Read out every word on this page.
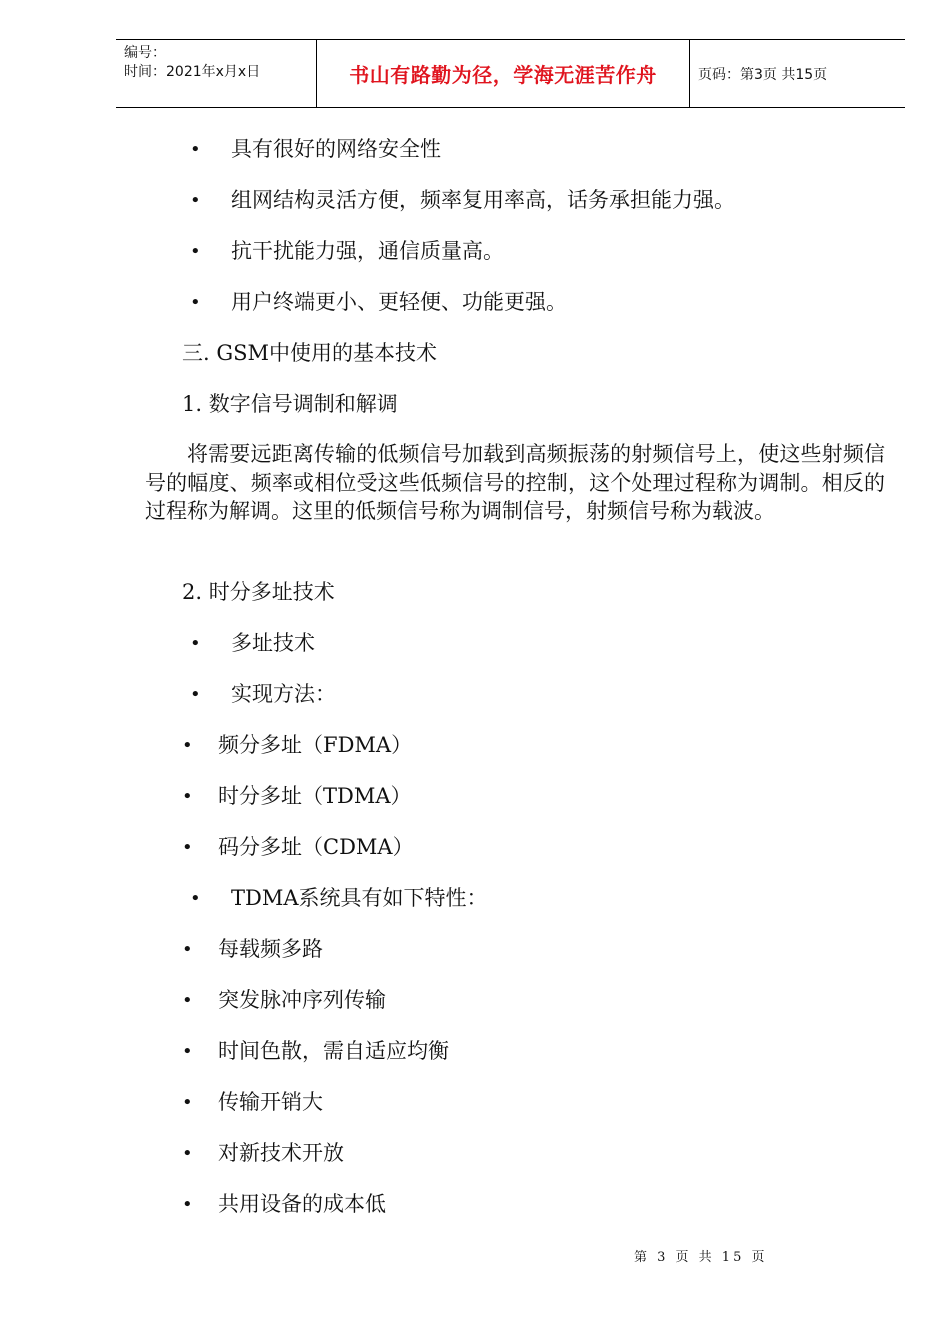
编号：
时间：2021年x月x日	书山有路勤为径，学海无涯苦作舟	页码：第3页 共15页
• 具有很好的网络安全性
• 组网结构灵活方便，频率复用率高，话务承担能力强。
• 抗干扰能力强，通信质量高。
• 用户终端更小、更轻便、功能更强。
三. GSM中使用的基本技术
1. 数字信号调制和解调
将需要远距离传输的低频信号加载到高频振荡的射频信号上，使这些射频信号的幅度、频率或相位受这些低频信号的控制，这个处理过程称为调制。相反的过程称为解调。这里的低频信号称为调制信号，射频信号称为载波。
2. 时分多址技术
• 多址技术
• 实现方法：
• 频分多址（FDMA）
• 时分多址（TDMA）
• 码分多址（CDMA）
• TDMA系统具有如下特性：
• 每载频多路
• 突发脉冲序列传输
• 时间色散，需自适应均衡
• 传输开销大
• 对新技术开放
• 共用设备的成本低
第 3 页 共 15 页
